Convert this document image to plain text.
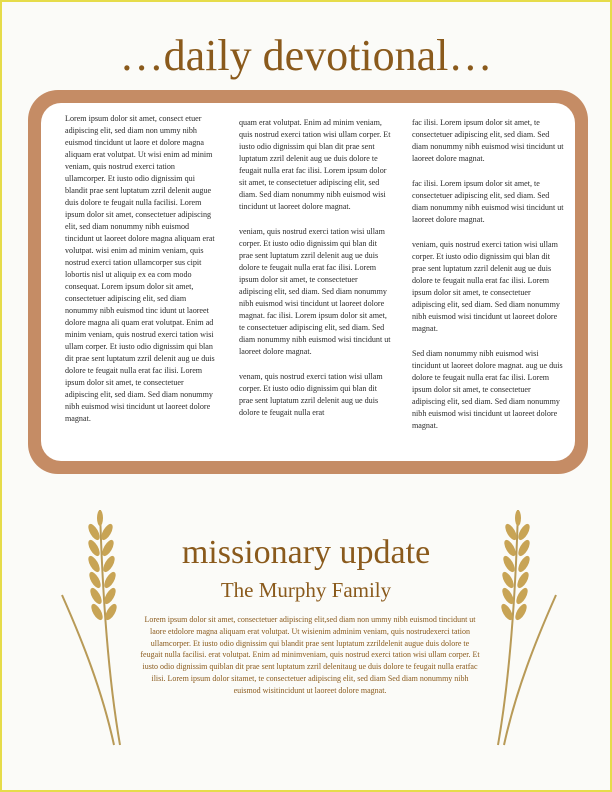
…daily devotional…

Lorem ipsum dolor sit amet, consect etuer adipiscing elit, sed diam non ummy nibh euismod tincidunt ut laore et dolore magna aliquam erat volutpat. Ut wisi enim ad minim veniam, quis nostrud exerci tation ullamcorper. Et iusto odio dignissim qui blandit prae sent luptatum zzril delenit augue duis dolore te feugait nulla facilisi. Lorem ipsum dolor sit amet, consectetuer adipiscing elit, sed diam nonummy nibh euismod tincidunt ut laoreet dolore magna aliquam erat volutpat. wisi enim ad minim veniam, quis nostrud exerci tation ullamcorper sus cipit lobortis nisl ut aliquip ex ea com modo consequat. Lorem ipsum dolor sit amet, consectetuer adipiscing elit, sed diam nonummy nibh euismod tinc idunt ut laoreet dolore magna ali quam erat volutpat. Enim ad minim veniam, quis nostrud exerci tation wisi ullam corper. Et iusto odio dignissim qui blan dit prae sent luptatum zzril delenit aug ue duis dolore te feugait nulla erat fac ilisi. Lorem ipsum dolor sit amet, te consectetuer adipiscing elit, sed diam. Sed diam nonummy nibh euismod wisi tincidunt ut laoreet dolore magnat.

quam erat volutpat. Enim ad minim veniam, quis nostrud exerci tation wisi ullam corper. Et iusto odio dignissim qui blan dit prae sent luptatum zzril delenit aug ue duis dolore te feugait nulla erat fac ilisi. Lorem ipsum dolor sit amet, te consectetuer adipiscing elit, sed diam. Sed diam nonummy nibh euismod wisi tincidunt ut laoreet dolore magnat.

veniam, quis nostrud exerci tation wisi ullam corper. Et iusto odio dignissim qui blan dit prae sent luptatum zzril delenit aug ue duis dolore te feugait nulla erat fac ilisi. Lorem ipsum dolor sit amet, te consectetuer adipiscing elit, sed diam. Sed diam nonummy nibh euismod wisi tincidunt ut laoreet dolore magnat. fac ilisi. Lorem ipsum dolor sit amet, te consectetuer adipiscing elit, sed diam. Sed diam nonummy nibh euismod wisi tincidunt ut laoreet dolore magnat.

venam, quis nostrud exerci tation wisi ullam corper. Et iusto odio dignissim qui blan dit prae sent luptatum zzril delenit aug ue duis dolore te feugait nulla erat

fac ilisi. Lorem ipsum dolor sit amet, te consectetuer adipiscing elit, sed diam. Sed diam nonummy nibh euismod wisi tincidunt ut laoreet dolore magnat.

fac ilisi. Lorem ipsum dolor sit amet, te consectetuer adipiscing elit, sed diam. Sed diam nonummy nibh euismod wisi tincidunt ut laoreet dolore magnat.

veniam, quis nostrud exerci tation wisi ullam corper. Et iusto odio dignissim qui blan dit prae sent luptatum zzril delenit aug ue duis dolore te feugait nulla erat fac ilisi. Lorem ipsum dolor sit amet, te consectetuer adipiscing elit, sed diam. Sed diam nonummy nibh euismod wisi tincidunt ut laoreet dolore magnat.

Sed diam nonummy nibh euismod wisi tincidunt ut laoreet dolore magnat. aug ue duis dolore te feugait nulla erat fac ilisi. Lorem ipsum dolor sit amet, te consectetuer adipiscing elit, sed diam. Sed diam nonummy nibh euismod wisi tincidunt ut laoreet dolore magnat.

missionary update
The Murphy Family

Lorem ipsum dolor sit amet, consectetuer adipiscing elit,sed diam non ummy nibh euismod tincidunt ut laore etdolore magna aliquam erat volutpat. Ut wisienim adminim veniam, quis nostrudexerci tation ullamcorper. Et iusto odio dignissim qui blandit prae sent luptatum zzrildelenit augue duis dolore te feugait nulla facilisi. erat volutpat. Enim ad minimveniam, quis nostrud exerci tation wisi ullam corper. Et iusto odio dignissim quiblan dit prae sent luptatum zzril delenitaug ue duis dolore te feugait nulla eratfac ilisi. Lorem ipsum dolor sitamet, te consectetuer adipiscing elit, sed diam Sed diam nonummy nibh euismod wisitincidunt ut laoreet dolore magnat.
